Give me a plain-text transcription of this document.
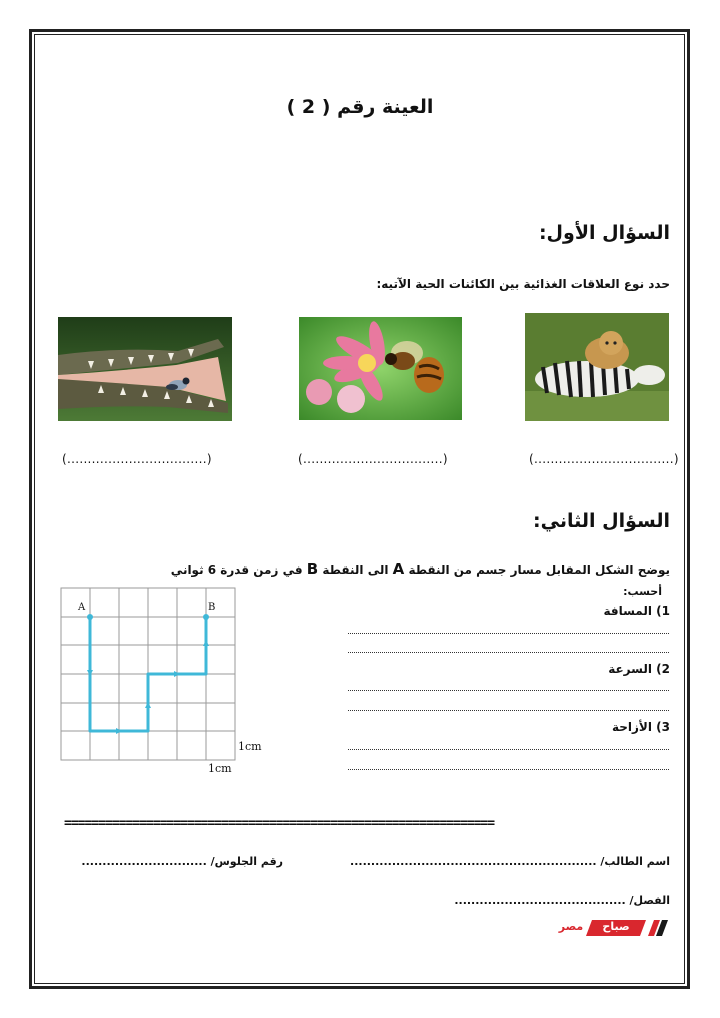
العينة رقم ( 2 )
السؤال الأول:
حدد نوع العلاقات الغذائية بين الكائنات الحية الآتيه:
(..................................)	(..................................)	(..................................)
السؤال الثاني:
يوضح الشكل المقابل مسار جسم من النقطة A الى النقطة B في زمن قدرة 6 ثواني
أحسب:
1) المسافة
2) السرعة
3) الأزاحة
A	B
1cm
1cm
===============================================================
اسم الطالب/ ...........................................................
رقم الجلوس/ ..............................
الفصل/ .........................................
صباح
مصر
